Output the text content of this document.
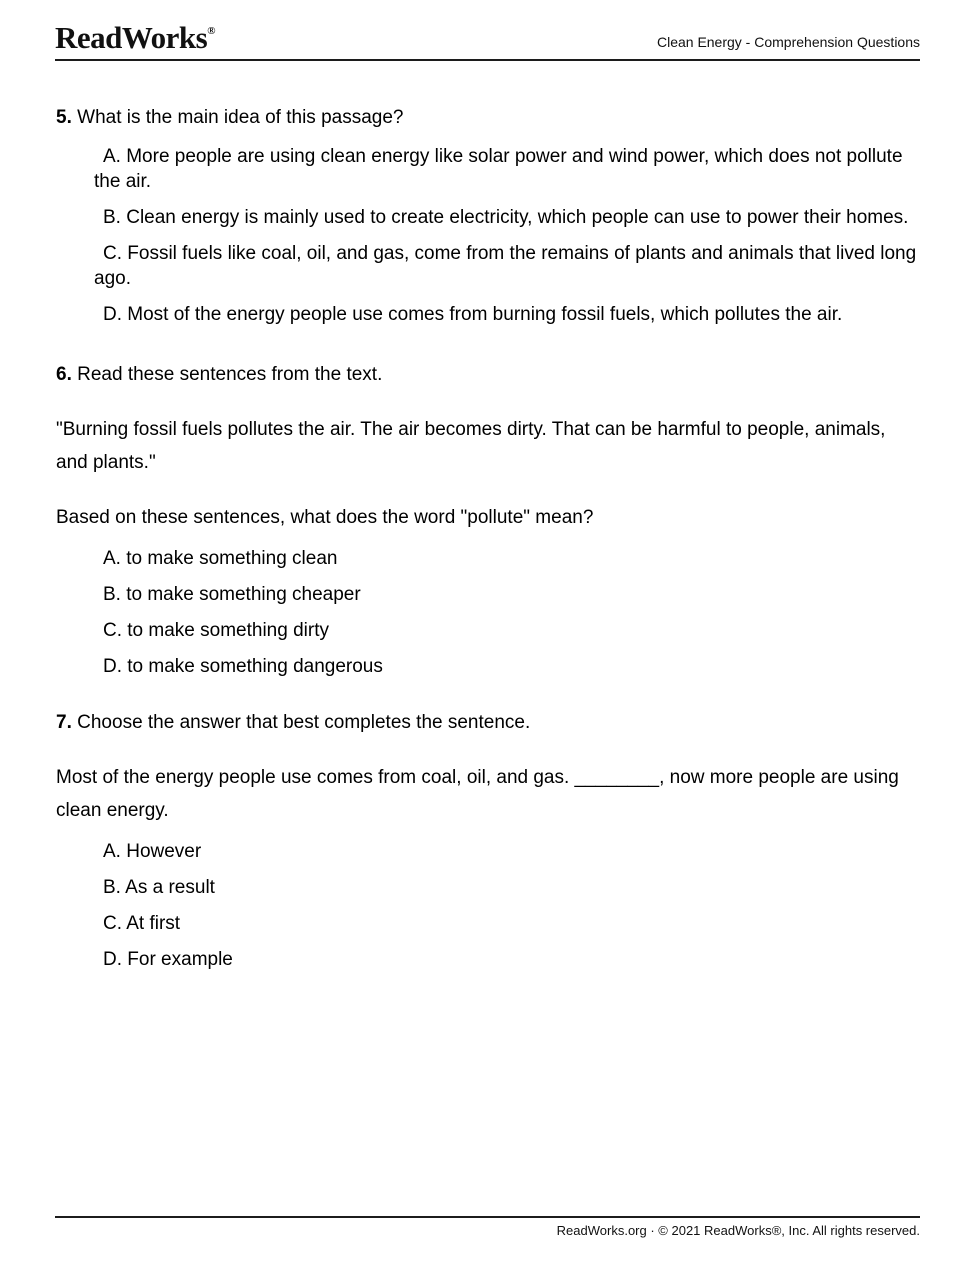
ReadWorks®
Clean Energy - Comprehension Questions

5. What is the main idea of this passage?

A. More people are using clean energy like solar power and wind power, which does not pollute the air.

B. Clean energy is mainly used to create electricity, which people can use to power their homes.

C. Fossil fuels like coal, oil, and gas, come from the remains of plants and animals that lived long ago.

D. Most of the energy people use comes from burning fossil fuels, which pollutes the air.

6. Read these sentences from the text.

"Burning fossil fuels pollutes the air. The air becomes dirty. That can be harmful to people, animals, and plants."

Based on these sentences, what does the word "pollute" mean?

A. to make something clean

B. to make something cheaper

C. to make something dirty

D. to make something dangerous

7. Choose the answer that best completes the sentence.

Most of the energy people use comes from coal, oil, and gas. ________, now more people are using clean energy.

A. However

B. As a result

C. At first

D. For example

ReadWorks.org · © 2021 ReadWorks®, Inc. All rights reserved.
